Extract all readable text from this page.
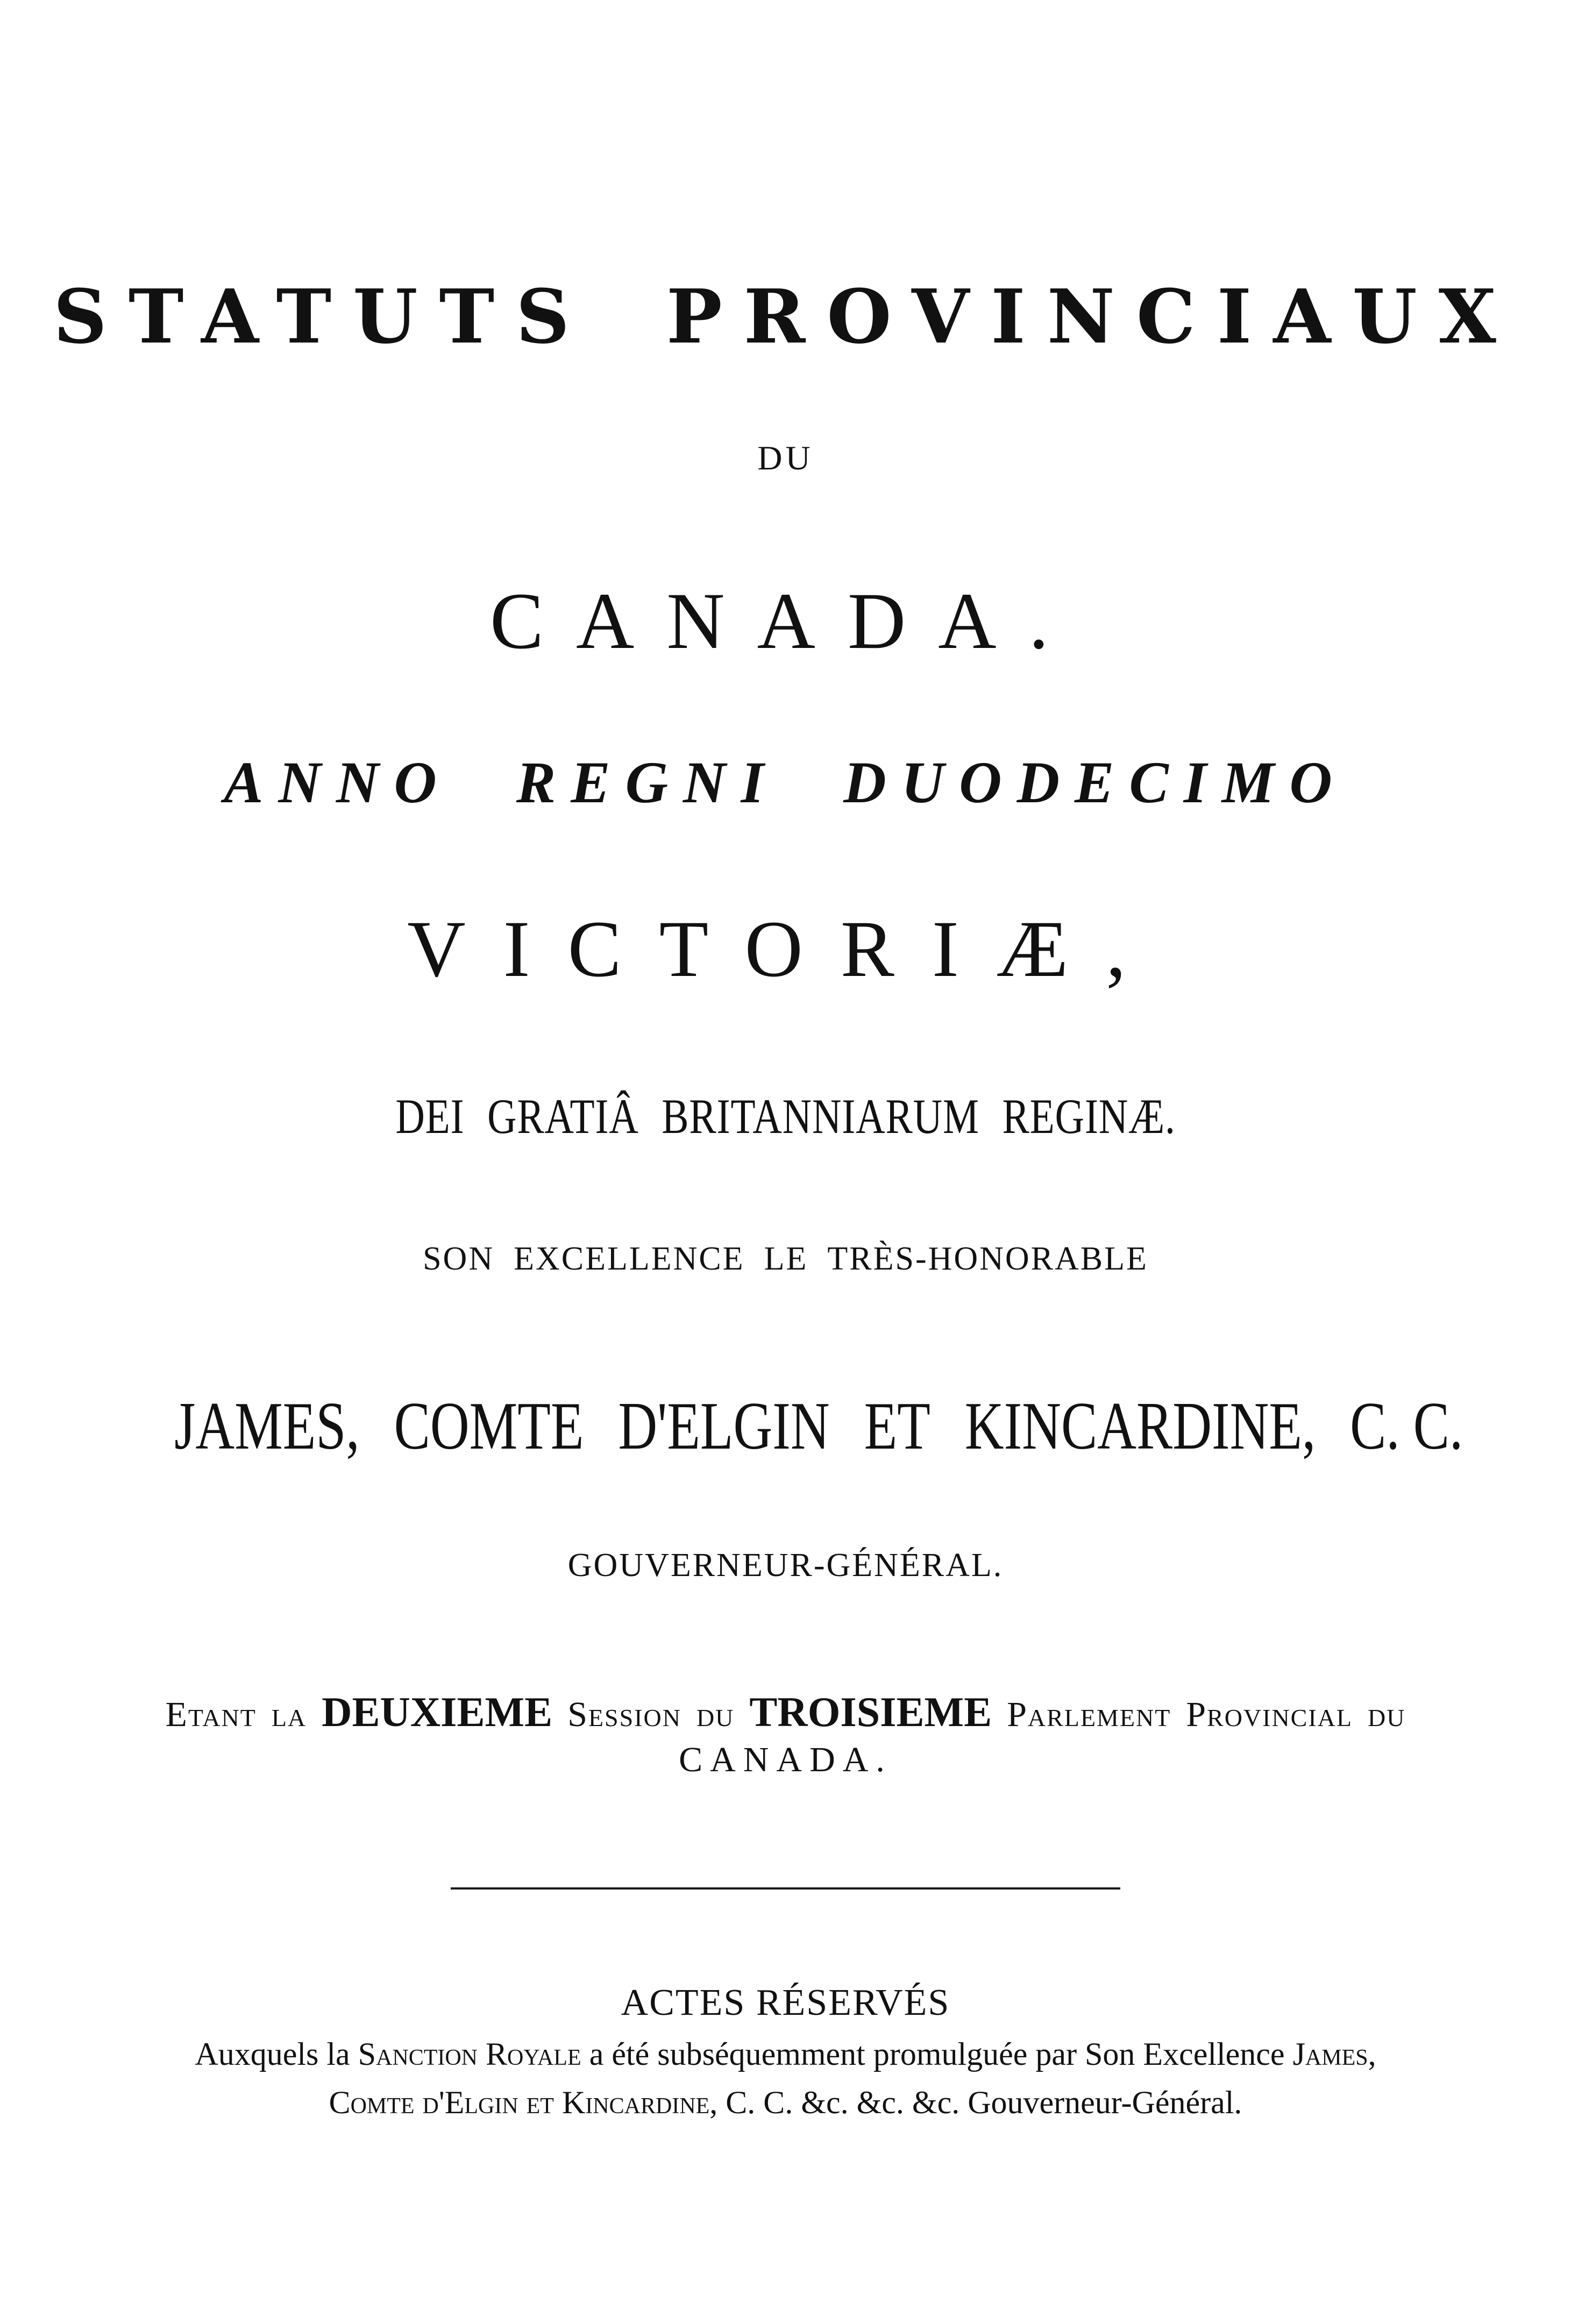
STATUTS PROVINCIAUX
DU
CANADA.
ANNO REGNI DUODECIMO
VICTORIÆ,
DEI GRATIÂ BRITANNIARUM REGINÆ.
SON EXCELLENCE LE TRÈS-HONORABLE
JAMES, COMTE D'ELGIN ET KINCARDINE, C. C.
GOUVERNEUR-GÉNÉRAL.
Etant la DEUXIEME Session du TROISIEME Parlement Provincial du
CANADA.
ACTES RÉSERVÉS
Auxquels la Sanction Royale a été subséquemment promulguée par Son Excellence James,
Comte d'Elgin et Kincardine, C. C. &c. &c. &c. Gouverneur-Général.
